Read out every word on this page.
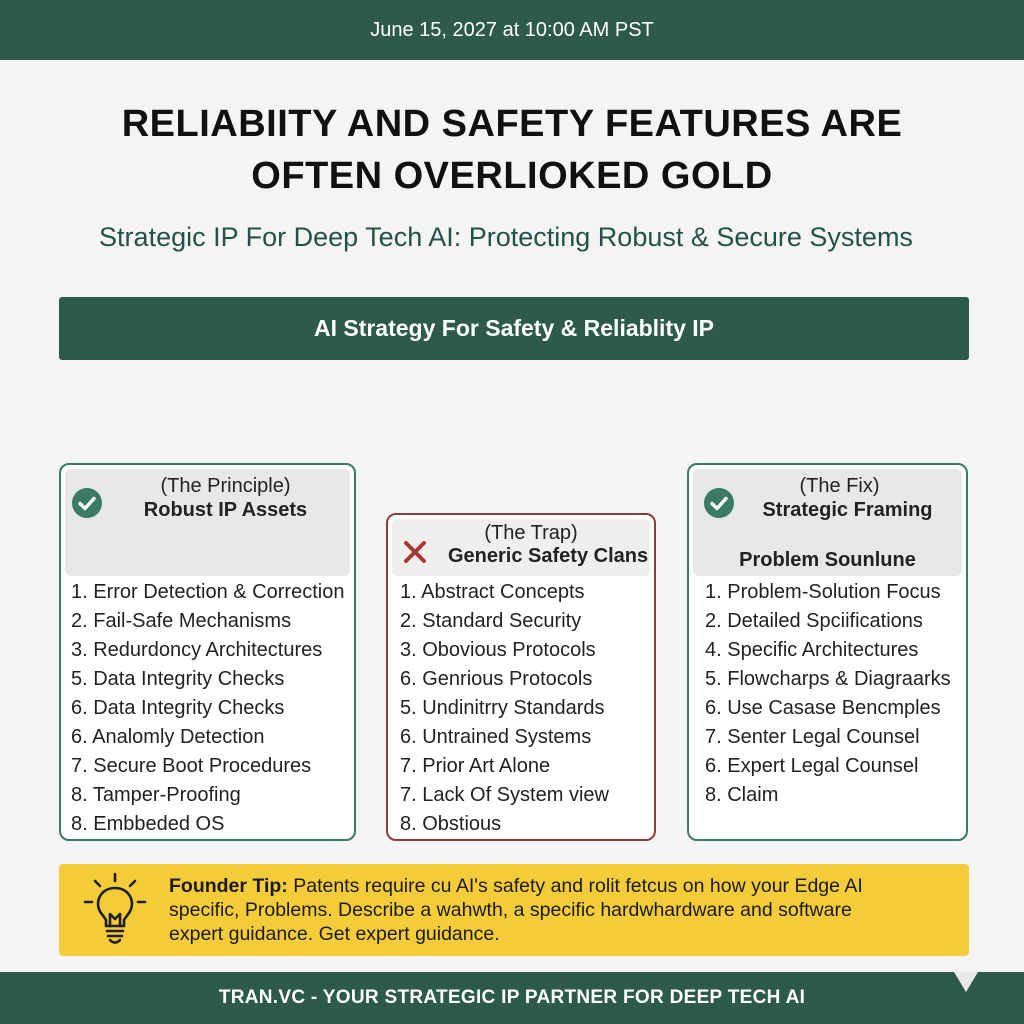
June 15, 2027 at 10:00 AM PST
RELIABIITY AND SAFETY FEATURES ARE
OFTEN OVERLIOKED GOLD
Strategic IP For Deep Tech AI: Protecting Robust & Secure Systems
AI Strategy For Safety & Reliablity IP
(The Principle)
Robust IP Assets
1. Error Detection & Correction
2. Fail-Safe Mechanisms
3. Redurdoncy Architectures
5. Data Integrity Checks
6. Data Integrity Checks
6. Analomly Detection
7. Secure Boot Procedures
8. Tamper-Proofing
8. Embbeded OS
(The Trap)
Generic Safety Clans
1. Abstract Concepts
2. Standard Security
3. Obovious Protocols
6. Genrious Protocols
5. Undinitrry Standards
6. Untrained Systems
7. Prior Art Alone
7. Lack Of System view
8. Obstious
(The Fix)
Strategic Framing
Problem Sounlune
1. Problem-Solution Focus
2. Detailed Spciifications
4. Specific Architectures
5. Flowcharps & Diagraarks
6. Use Casase Bencmples
7. Senter Legal Counsel
6. Expert Legal Counsel
8. Claim
Founder Tip: Patents require cu AI's safety and rolit fetcus on how your Edge AI
specific, Problems. Describe a wahwth, a specific hardwhardware and software
expert guidance. Get expert guidance.
TRAN.VC - YOUR STRATEGIC IP PARTNER FOR DEEP TECH AI
